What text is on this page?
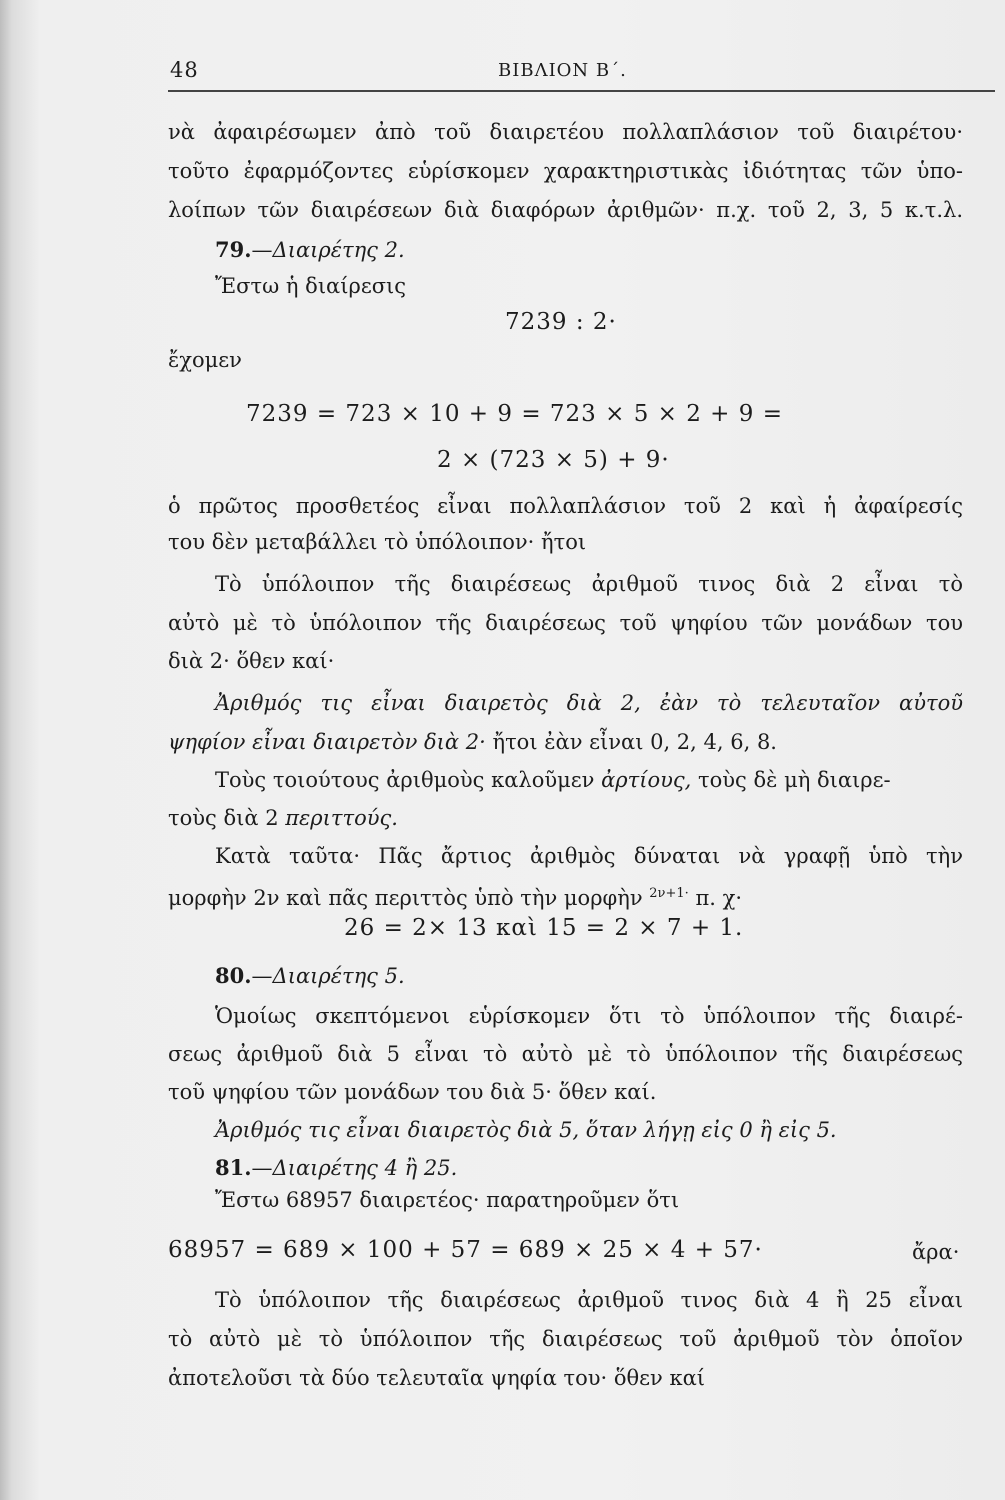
48	ΒΙΒΛΙΟΝ Β΄.
νὰ ἀφαιρέσωμεν ἀπὸ τοῦ διαιρετέου πολλαπλάσιον τοῦ διαιρέτου·
τοῦτο ἐφαρμόζοντες εὑρίσκομεν χαρακτηριστικὰς ἰδιότητας τῶν ὑπο-
λοίπων τῶν διαιρέσεων διὰ διαφόρων ἀριθμῶν· π.χ. τοῦ 2, 3, 5 κ.τ.λ.
79.—Διαιρέτης 2.
Ἔστω ἡ διαίρεσις
7239 : 2·
ἔχομεν
7239 = 723 × 10 + 9 = 723 × 5 × 2 + 9 =
2 × (723 × 5) + 9·
ὁ πρῶτος προσθετέος εἶναι πολλαπλάσιον τοῦ 2 καὶ ἡ ἀφαίρεσίς
του δὲν μεταβάλλει τὸ ὑπόλοιπον· ἤτοι
Τὸ ὑπόλοιπον τῆς διαιρέσεως ἀριθμοῦ τινος διὰ 2 εἶναι τὸ
αὐτὸ μὲ τὸ ὑπόλοιπον τῆς διαιρέσεως τοῦ ψηφίου τῶν μονάδων του
διὰ 2· ὅθεν καί·
Ἀριθμός τις εἶναι διαιρετὸς διὰ 2, ἐὰν τὸ τελευταῖον αὐτοῦ
ψηφίον εἶναι διαιρετὸν διὰ 2· ἤτοι ἐὰν εἶναι 0, 2, 4, 6, 8.
Τοὺς τοιούτους ἀριθμοὺς καλοῦμεν ἀρτίους, τοὺς δὲ μὴ διαιρε-
τοὺς διὰ 2 περιττούς.
Κατὰ ταῦτα· Πᾶς ἄρτιος ἀριθμὸς δύναται νὰ γραφῇ ὑπὸ τὴν
μορφὴν 2ν καὶ πᾶς περιττὸς ὑπὸ τὴν μορφὴν $^{2\nu+1\cdot}$ π. χ·
26 = 2× 13 καὶ 15 = 2 × 7 + 1.
80.—Διαιρέτης 5.
Ὁμοίως σκεπτόμενοι εὑρίσκομεν ὅτι τὸ ὑπόλοιπον τῆς διαιρέ-
σεως ἀριθμοῦ διὰ 5 εἶναι τὸ αὐτὸ μὲ τὸ ὑπόλοιπον τῆς διαιρέσεως
τοῦ ψηφίου τῶν μονάδων του διὰ 5· ὅθεν καί.
Ἀριθμός τις εἶναι διαιρετὸς διὰ 5, ὅταν λήγῃ εἰς 0 ἢ εἰς 5.
81.—Διαιρέτης 4 ἢ 25.
Ἔστω 68957 διαιρετέος· παρατηροῦμεν ὅτι
68957 = 689 × 100 + 57 = 689 × 25 × 4 + 57·	ἄρα·
Τὸ ὑπόλοιπον τῆς διαιρέσεως ἀριθμοῦ τινος διὰ 4 ἢ 25 εἶναι
τὸ αὐτὸ μὲ τὸ ὑπόλοιπον τῆς διαιρέσεως τοῦ ἀριθμοῦ τὸν ὁποῖον
ἀποτελοῦσι τὰ δύο τελευταῖα ψηφία του· ὅθεν καί
